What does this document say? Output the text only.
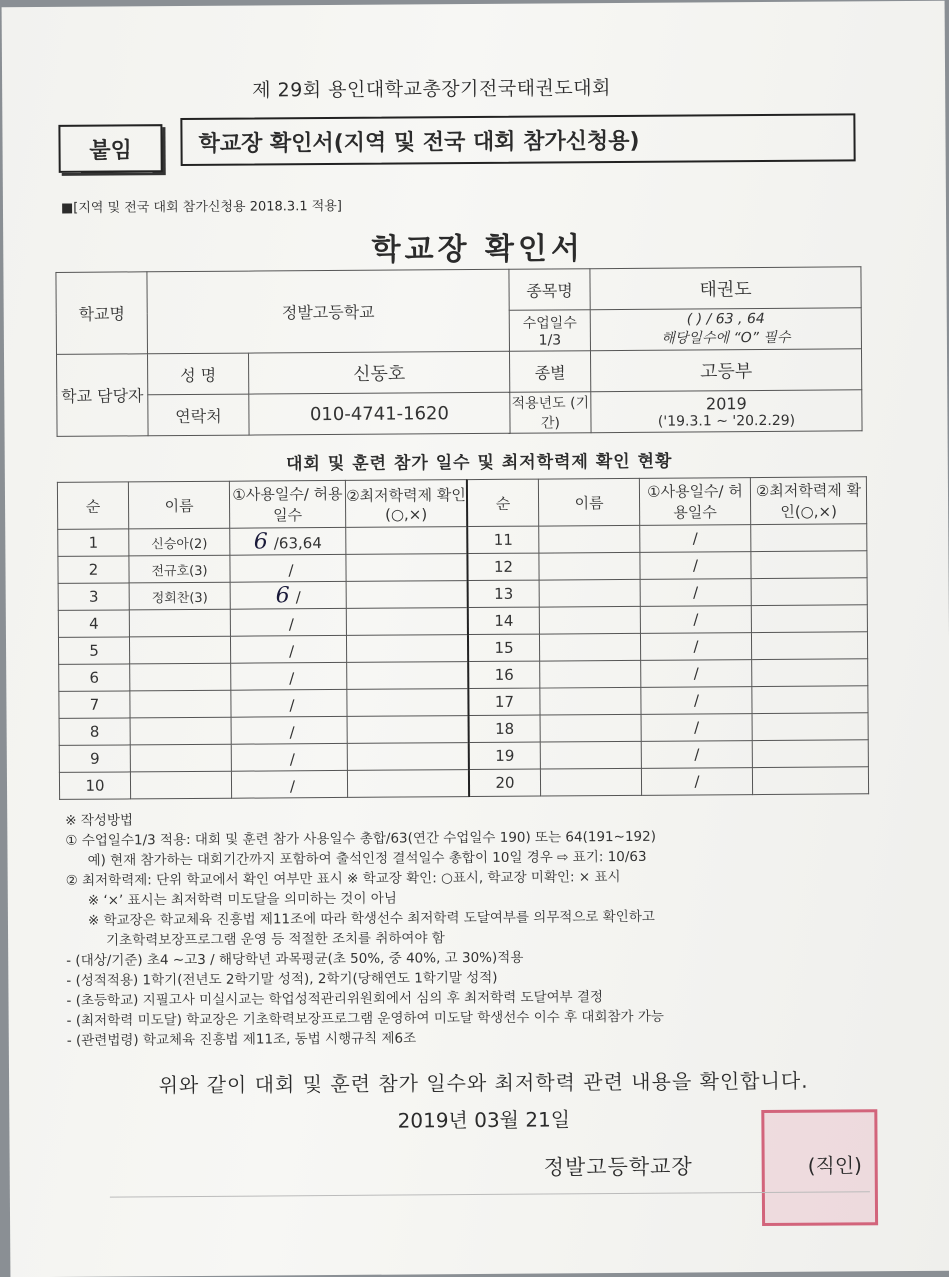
제 29회 용인대학교총장기전국태권도대회
붙임	학교장 확인서(지역 및 전국 대회 참가신청용)
■[지역 및 전국 대회 참가신청용 2018.3.1 적용]
학교장 확인서
학교명	정발고등학교		종목명	태권도
			수업일수 1/3	( ) / 63 , 64
해당일수에 “O” 필수

학교 담당자	성 명	신동호	종별	고등부
	연락처	010-4741-1620	적용년도 (기간)	2019
('19.3.1 ~ '20.2.29)
대회 및 훈련 참가 일수 및 최저학력제 확인 현황
순	이름	①사용일수/ 허용일수	②최저학력제 확인(○,×)	순	이름	①사용일수/ 허용일수	②최저학력제 확인(○,×)
1	신승아(2)	6 /63,64		11		/	
2	전규호(3)	/		12		/	
3	정회찬(3)	6 /		13		/	
4		/		14		/	
5		/		15		/	
6		/		16		/	
7		/		17		/	
8		/		18		/	
9		/		19		/	
10		/		20		/	
※ 작성방법
① 수업일수1/3 적용: 대회 및 훈련 참가 사용일수 총합/63(연간 수업일수 190) 또는 64(191~192)
예) 현재 참가하는 대회기간까지 포함하여 출석인정 결석일수 총합이 10일 경우 ⇨ 표기: 10/63
② 최저학력제: 단위 학교에서 확인 여부만 표시 ※ 학교장 확인: ○표시, 학교장 미확인: × 표시
※ ‘×’ 표시는 최저학력 미도달을 의미하는 것이 아님
※ 학교장은 학교체육 진흥법 제11조에 따라 학생선수 최저학력 도달여부를 의무적으로 확인하고
기초학력보장프로그램 운영 등 적절한 조치를 취하여야 함
- (대상/기준) 초4 ~고3 / 해당학년 과목평균(초 50%, 중 40%, 고 30%)적용
- (성적적용) 1학기(전년도 2학기말 성적), 2학기(당해연도 1학기말 성적)
- (초등학교) 지필고사 미실시교는 학업성적관리위원회에서 심의 후 최저학력 도달여부 결정
- (최저학력 미도달) 학교장은 기초학력보장프로그램 운영하여 미도달 학생선수 이수 후 대회참가 가능
- (관련법령) 학교체육 진흥법 제11조, 동법 시행규칙 제6조
위와 같이 대회 및 훈련 참가 일수와 최저학력 관련 내용을 확인합니다.
2019년 03월 21일
정발고등학교장	(직인)
